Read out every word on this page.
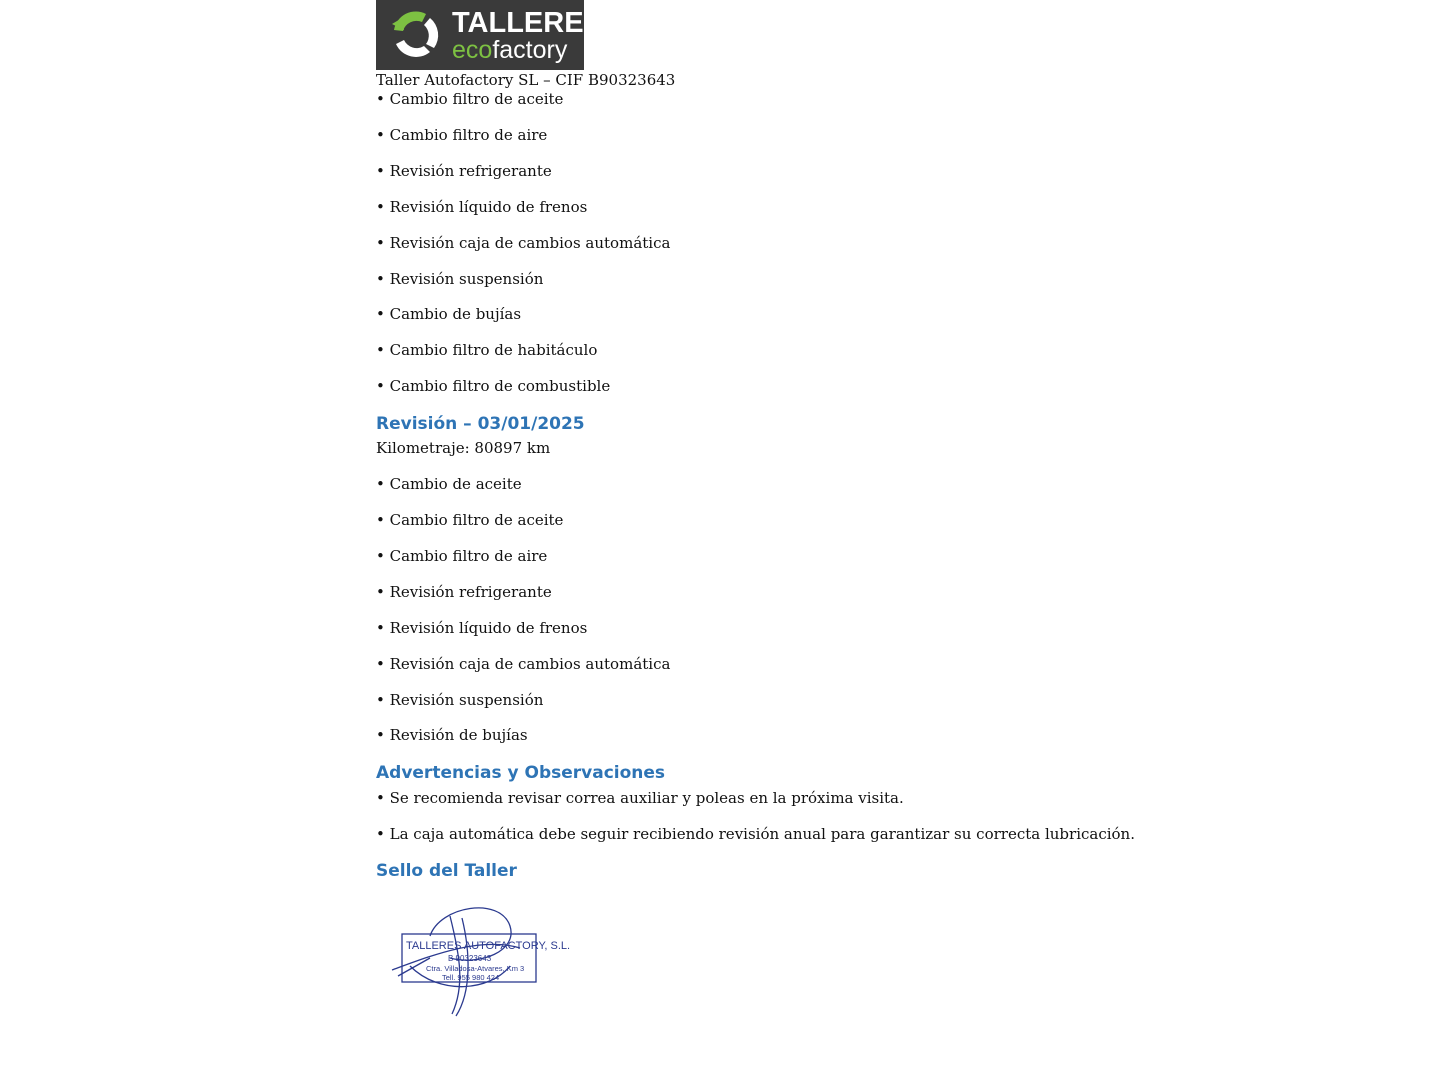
TALLERES
ecofactory
Taller Autofactory SL – CIF B90323643
• Cambio filtro de aceite
• Cambio filtro de aire
• Revisión refrigerante
• Revisión líquido de frenos
• Revisión caja de cambios automática
• Revisión suspensión
• Cambio de bujías
• Cambio filtro de habitáculo
• Cambio filtro de combustible
Revisión – 03/01/2025
Kilometraje: 80897 km
• Cambio de aceite
• Cambio filtro de aceite
• Cambio filtro de aire
• Revisión refrigerante
• Revisión líquido de frenos
• Revisión caja de cambios automática
• Revisión suspensión
• Revisión de bujías
Advertencias y Observaciones
• Se recomienda revisar correa auxiliar y poleas en la próxima visita.
• La caja automática debe seguir recibiendo revisión anual para garantizar su correcta lubricación.
Sello del Taller
TALLERES AUTOFACTORY, S.L.
B 90323643
Ctra. Villadosa-Atvares, Km 3
Tell. 955 980 424
